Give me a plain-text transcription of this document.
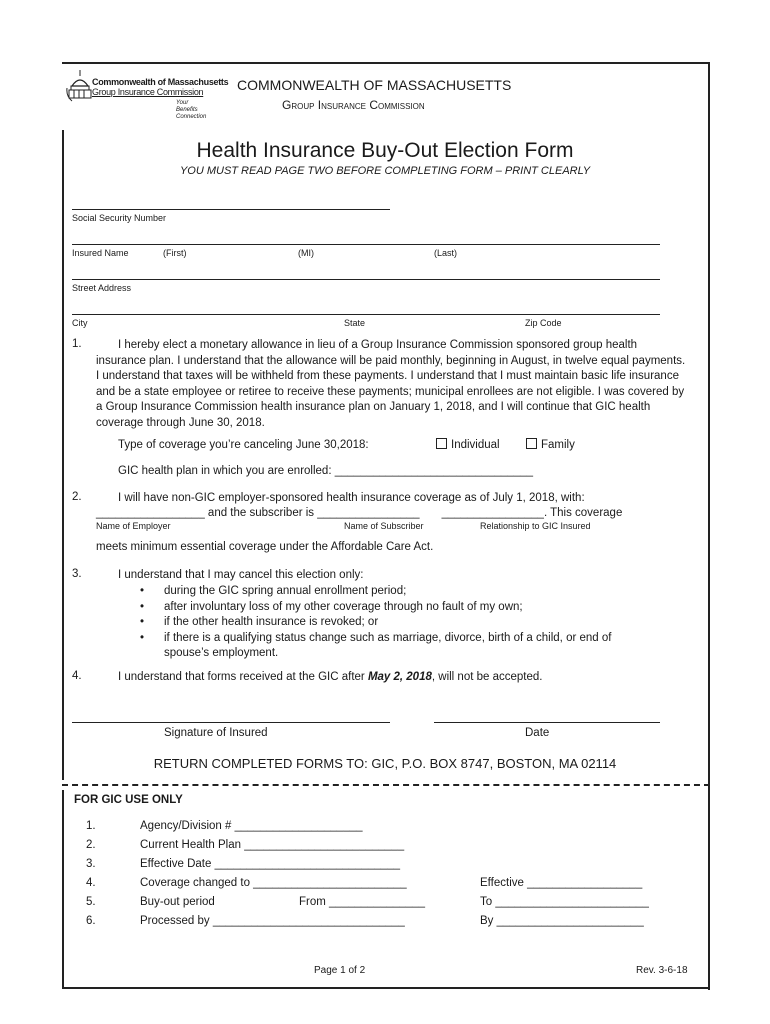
Commonwealth of Massachusetts
Group Insurance Commission
Your
Benefits
Connection
COMMONWEALTH OF MASSACHUSETTS
Group Insurance Commission
Health Insurance Buy-Out Election Form
YOU MUST READ PAGE TWO BEFORE COMPLETING FORM – PRINT CLEARLY
Social Security Number
Insured Name	(First)	(MI)	(Last)
Street Address
City	State	Zip Code
1.	I hereby elect a monetary allowance in lieu of a Group Insurance Commission sponsored group health insurance plan. I understand that the allowance will be paid monthly, beginning in August, in twelve equal payments. I understand that taxes will be withheld from these payments. I understand that I must maintain basic life insurance and be a state employee or retiree to receive these payments; municipal enrollees are not eligible. I was covered by a Group Insurance Commission health insurance plan on January 1, 2018, and I will continue that GIC health coverage through June 30, 2018.
Type of coverage you’re canceling June 30,2018:	Individual	Family
GIC health plan in which you are enrolled: _______________________________
2.	I will have non-GIC employer-sponsored health insurance coverage as of July 1, 2018, with:
_________________ and the subscriber is ________________ ________________. This coverage
Name of Employer	Name of Subscriber	Relationship to GIC Insured
meets minimum essential coverage under the Affordable Care Act.
3.	I understand that I may cancel this election only:
• during the GIC spring annual enrollment period;
• after involuntary loss of my other coverage through no fault of my own;
• if the other health insurance is revoked; or
• if there is a qualifying status change such as marriage, divorce, birth of a child, or end of
spouse’s employment.
4.	I understand that forms received at the GIC after May 2, 2018, will not be accepted.
Signature of Insured	Date
RETURN COMPLETED FORMS TO: GIC, P.O. BOX 8747, BOSTON, MA 02114
FOR GIC USE ONLY
1.	Agency/Division # ____________________
2.	Current Health Plan _________________________
3.	Effective Date _____________________________
4.	Coverage changed to ________________________	Effective __________________
5.	Buy-out period	From _______________	To ________________________
6.	Processed by ______________________________	By _______________________
Page 1 of 2	Rev. 3-6-18
